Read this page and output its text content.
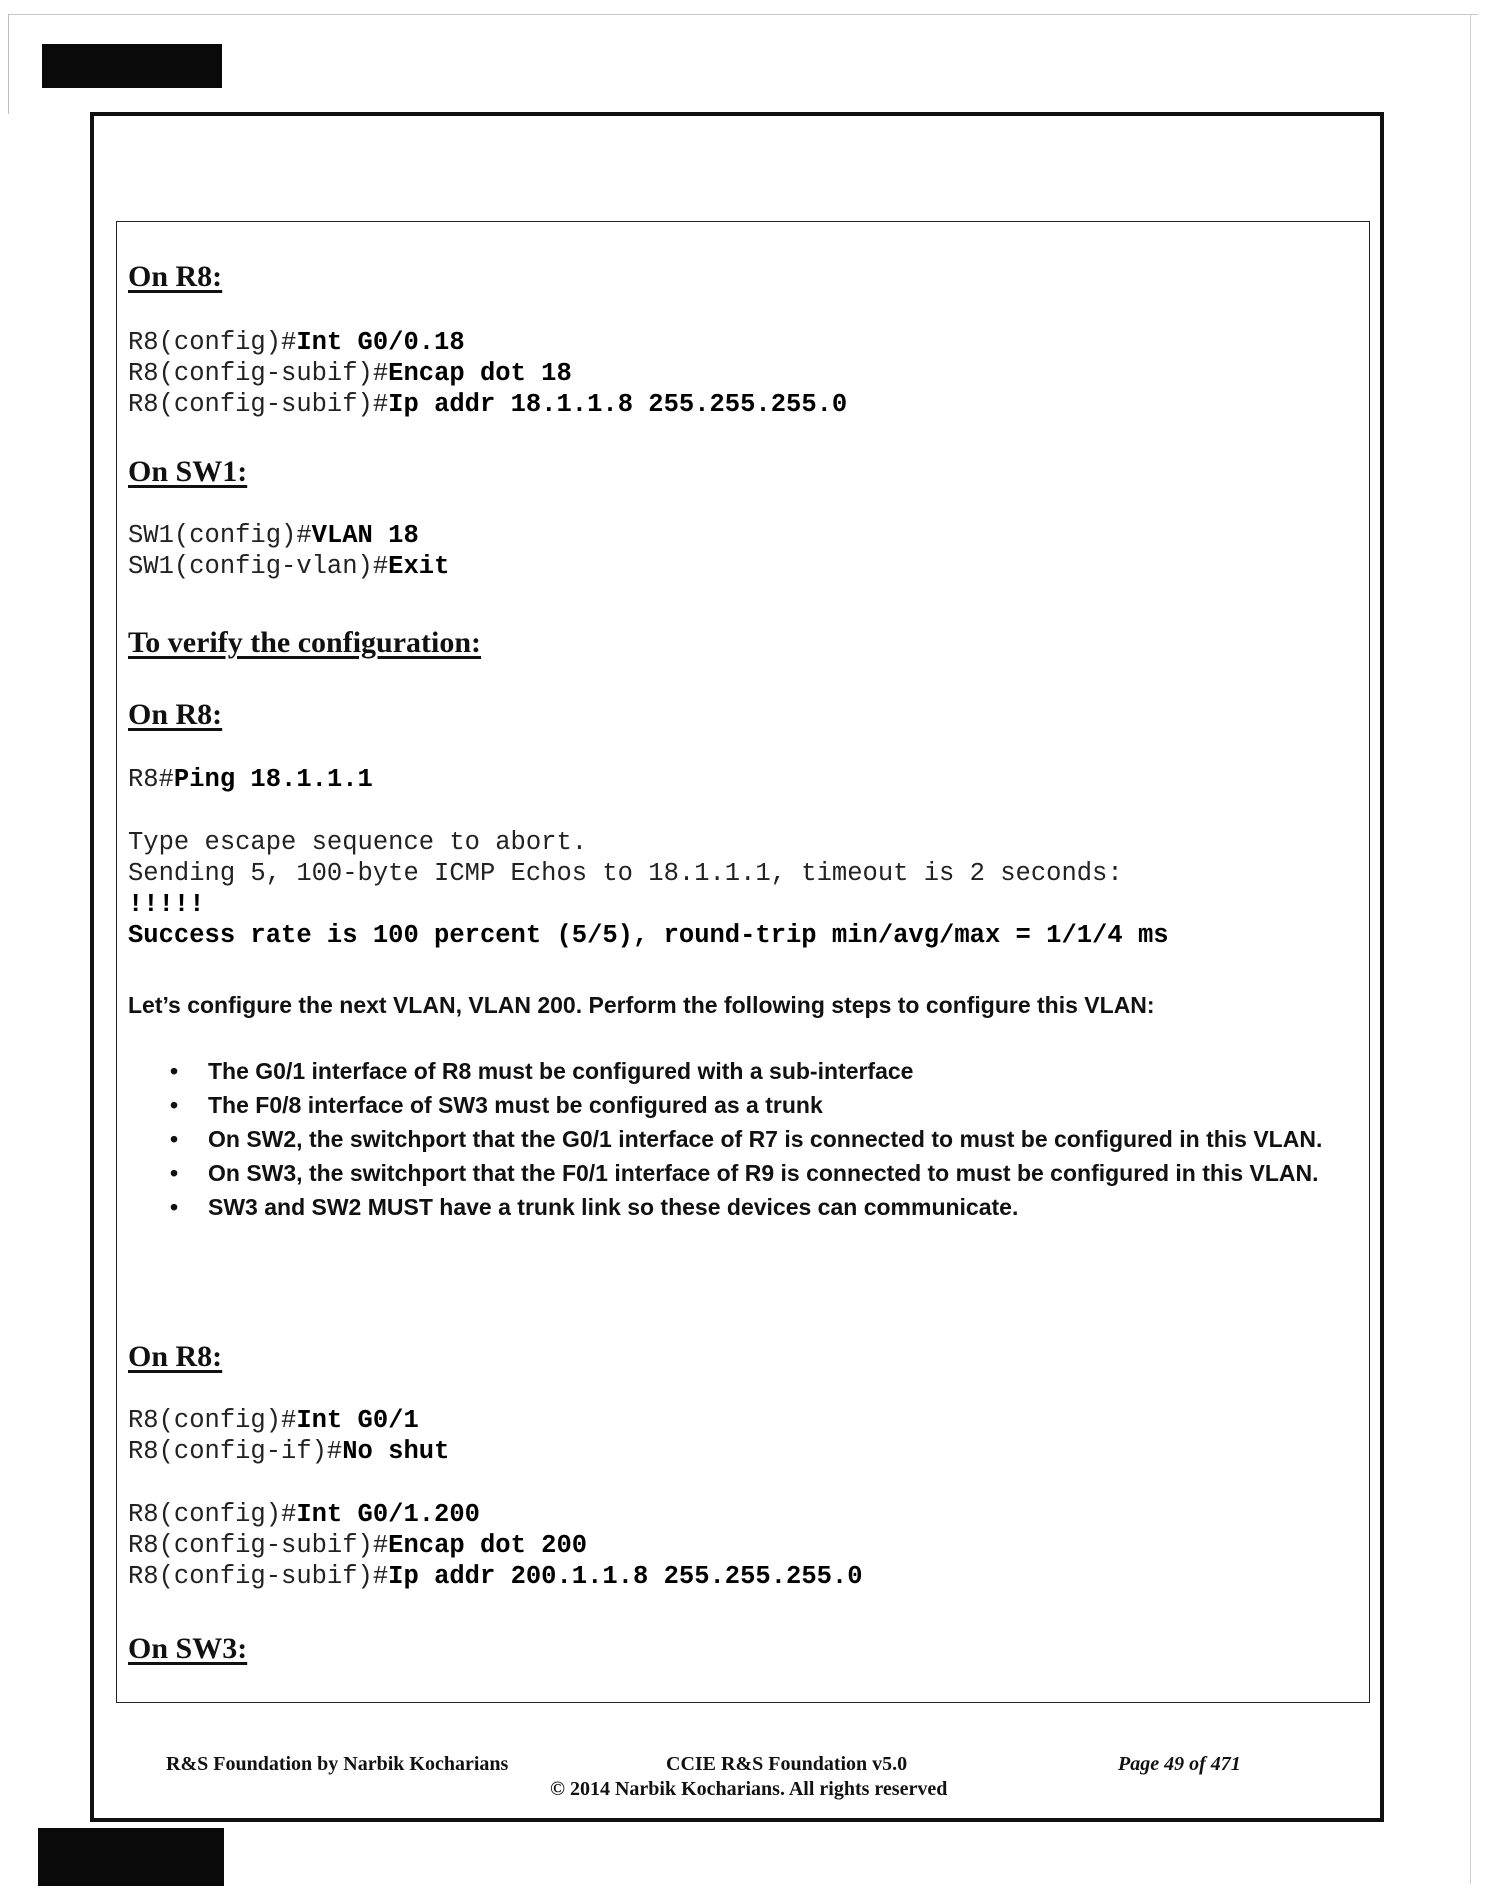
On R8:
R8(config)#Int G0/0.18
R8(config-subif)#Encap dot 18
R8(config-subif)#Ip addr 18.1.1.8 255.255.255.0
On SW1:
SW1(config)#VLAN 18
SW1(config-vlan)#Exit
To verify the configuration:
On R8:
R8#Ping 18.1.1.1
Type escape sequence to abort.
Sending 5, 100-byte ICMP Echos to 18.1.1.1, timeout is 2 seconds:
!!!!!
Success rate is 100 percent (5/5), round-trip min/avg/max = 1/1/4 ms

Let’s configure the next VLAN, VLAN 200. Perform the following steps to configure this VLAN:

• The G0/1 interface of R8 must be configured with a sub-interface
• The F0/8 interface of SW3 must be configured as a trunk
• On SW2, the switchport that the G0/1 interface of R7 is connected to must be configured in this VLAN.
• On SW3, the switchport that the F0/1 interface of R9 is connected to must be configured in this VLAN.
• SW3 and SW2 MUST have a trunk link so these devices can communicate.
On R8:
R8(config)#Int G0/1
R8(config-if)#No shut
R8(config)#Int G0/1.200
R8(config-subif)#Encap dot 200
R8(config-subif)#Ip addr 200.1.1.8 255.255.255.0
On SW3:
R&S Foundation by Narbik Kocharians	CCIE R&S Foundation v5.0	Page 49 of 471
© 2014 Narbik Kocharians. All rights reserved
